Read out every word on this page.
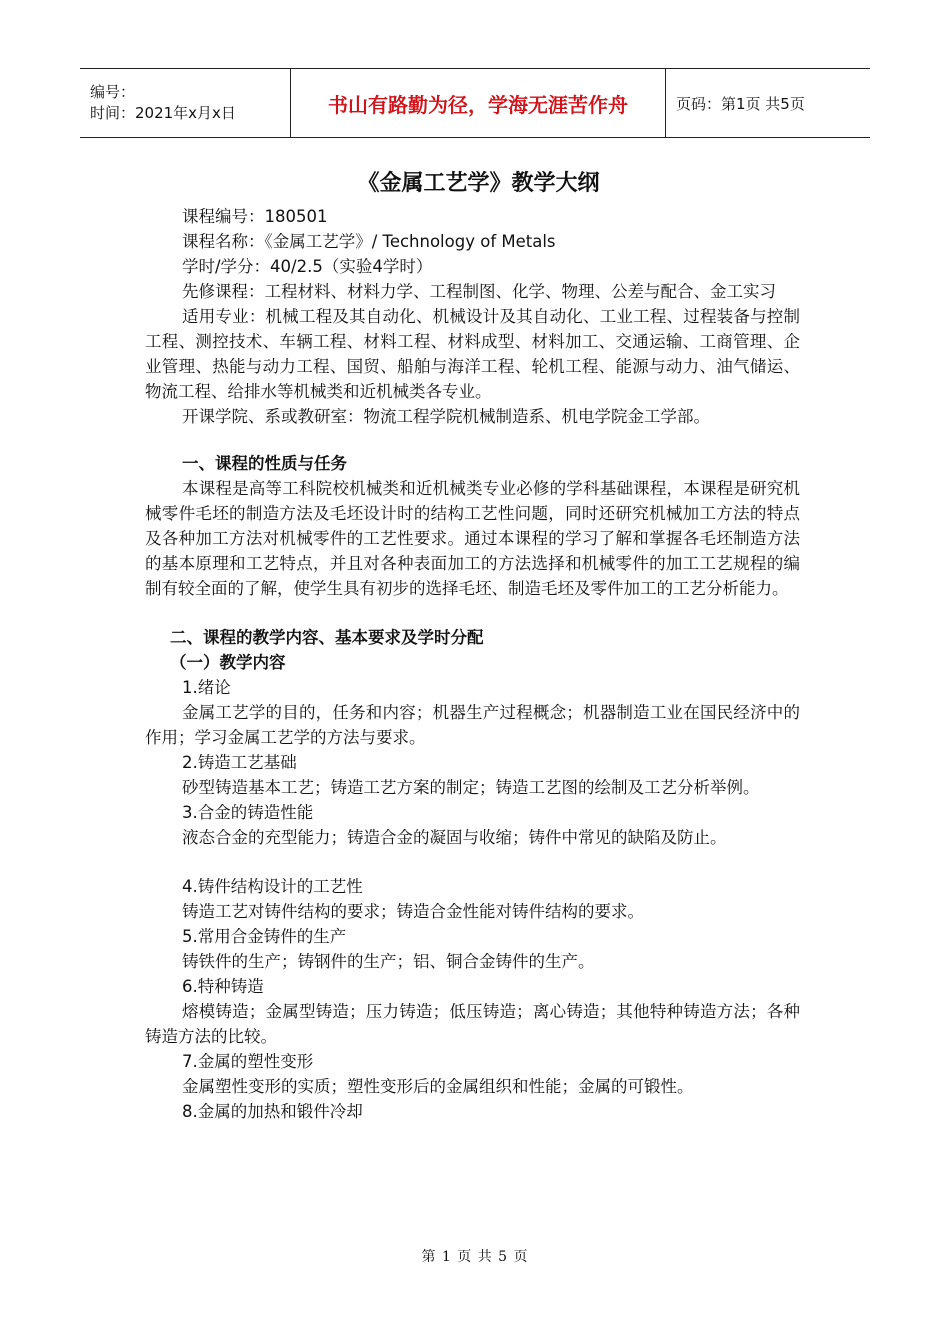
编号：
时间：2021年x月x日	书山有路勤为径，学海无涯苦作舟	页码：第1页 共5页
《金属工艺学》教学大纲

课程编号：180501

课程名称：《金属工艺学》/ Technology of Metals

学时/学分：40/2.5（实验4学时）

先修课程：工程材料、材料力学、工程制图、化学、物理、公差与配合、金工实习

适用专业：机械工程及其自动化、机械设计及其自动化、工业工程、过程装备与控制工程、测控技术、车辆工程、材料工程、材料成型、材料加工、交通运输、工商管理、企业管理、热能与动力工程、国贸、船舶与海洋工程、轮机工程、能源与动力、油气储运、物流工程、给排水等机械类和近机械类各专业。

开课学院、系或教研室：物流工程学院机械制造系、机电学院金工学部。

一、课程的性质与任务

本课程是高等工科院校机械类和近机械类专业必修的学科基础课程，本课程是研究机械零件毛坯的制造方法及毛坯设计时的结构工艺性问题，同时还研究机械加工方法的特点及各种加工方法对机械零件的工艺性要求。通过本课程的学习了解和掌握各毛坯制造方法的基本原理和工艺特点，并且对各种表面加工的方法选择和机械零件的加工工艺规程的编制有较全面的了解，使学生具有初步的选择毛坯、制造毛坯及零件加工的工艺分析能力。

二、课程的教学内容、基本要求及学时分配
（一）教学内容

1.绪论

金属工艺学的目的，任务和内容；机器生产过程概念；机器制造工业在国民经济中的作用；学习金属工艺学的方法与要求。

2.铸造工艺基础

砂型铸造基本工艺；铸造工艺方案的制定；铸造工艺图的绘制及工艺分析举例。

3.合金的铸造性能

液态合金的充型能力；铸造合金的凝固与收缩；铸件中常见的缺陷及防止。

4.铸件结构设计的工艺性

铸造工艺对铸件结构的要求；铸造合金性能对铸件结构的要求。

5.常用合金铸件的生产

铸铁件的生产；铸钢件的生产；铝、铜合金铸件的生产。

6.特种铸造

熔模铸造；金属型铸造；压力铸造；低压铸造；离心铸造；其他特种铸造方法；各种铸造方法的比较。

7.金属的塑性变形

金属塑性变形的实质；塑性变形后的金属组织和性能；金属的可锻性。

8.金属的加热和锻件冷却

第 1 页 共 5 页
